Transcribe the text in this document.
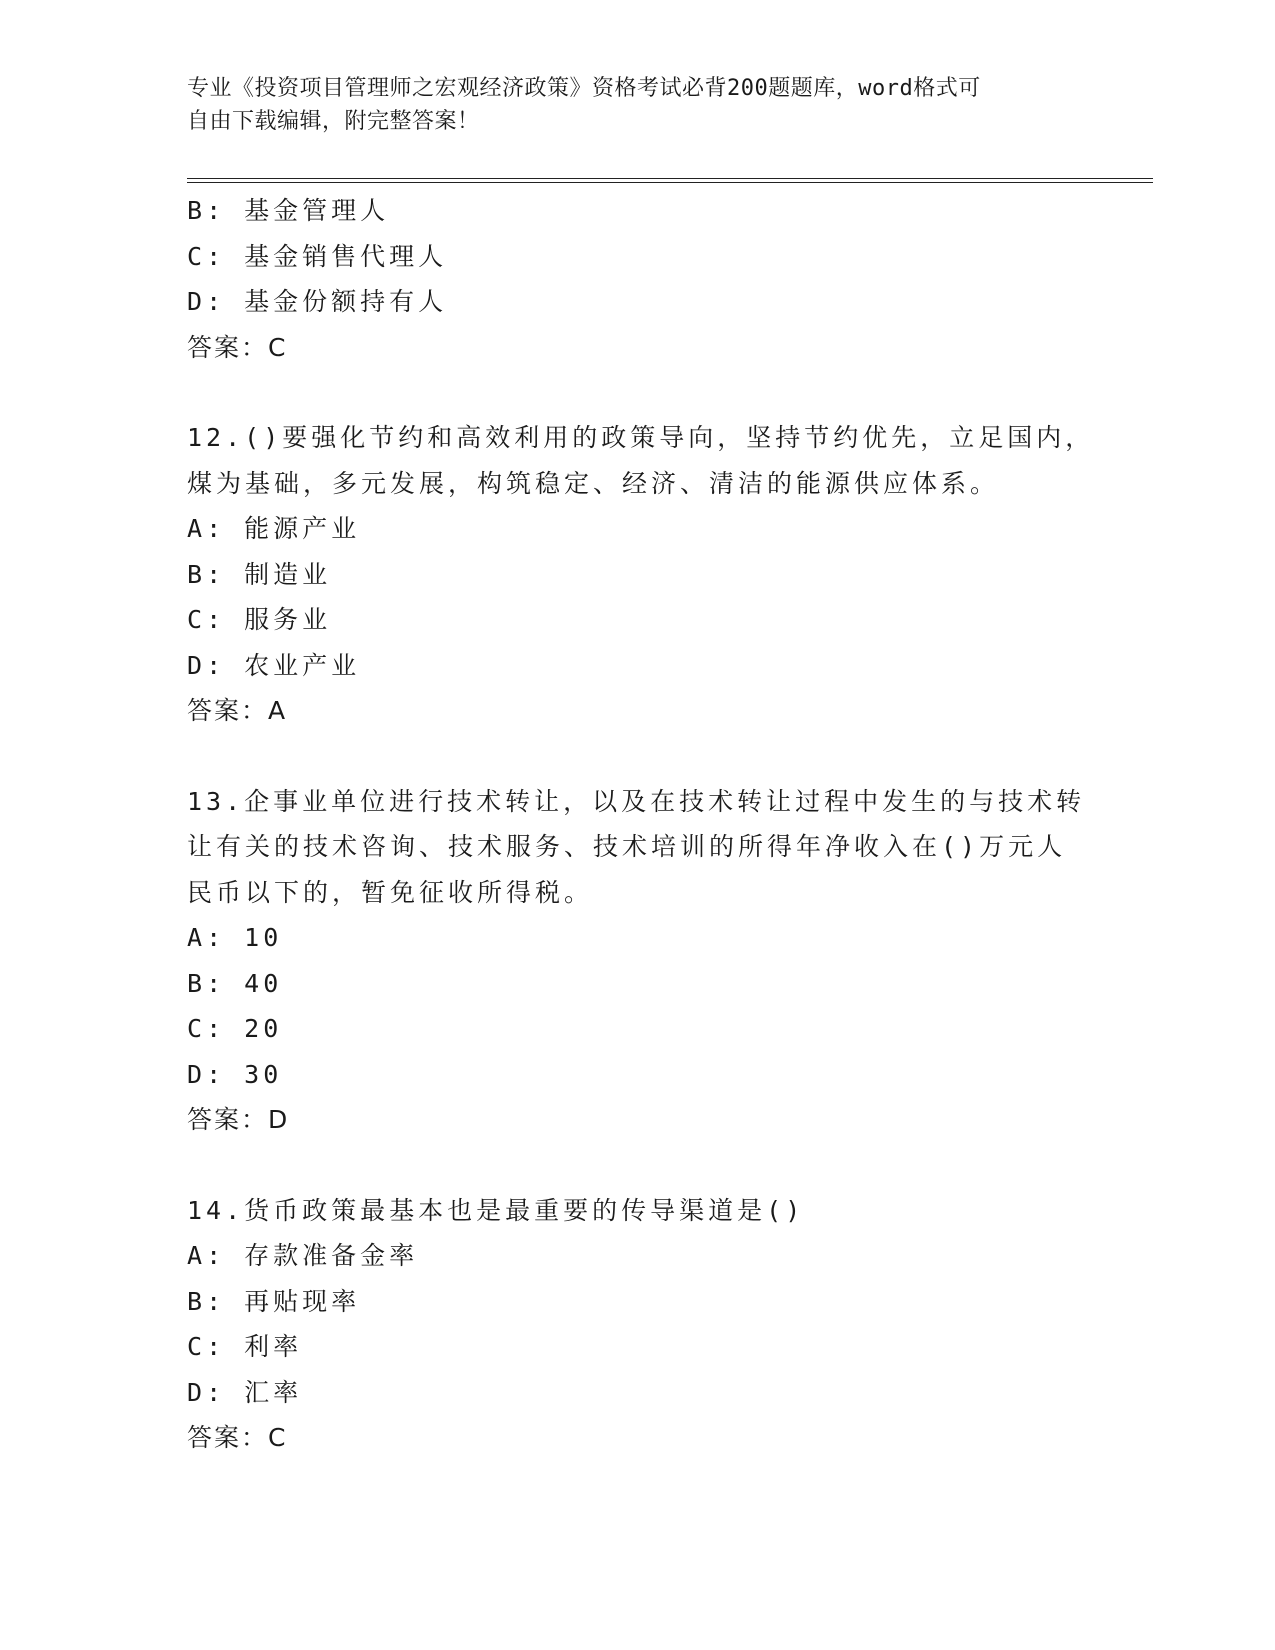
专业《投资项目管理师之宏观经济政策》资格考试必背200题题库，word格式可
自由下载编辑，附完整答案！
B: 基金管理人
C: 基金销售代理人
D: 基金份额持有人
答案：C
12.()要强化节约和高效利用的政策导向，坚持节约优先，立足国内，
煤为基础，多元发展，构筑稳定、经济、清洁的能源供应体系。
A: 能源产业
B: 制造业
C: 服务业
D: 农业产业
答案：A
13.企事业单位进行技术转让，以及在技术转让过程中发生的与技术转
让有关的技术咨询、技术服务、技术培训的所得年净收入在()万元人
民币以下的，暂免征收所得税。
A: 10
B: 40
C: 20
D: 30
答案：D
14.货币政策最基本也是最重要的传导渠道是()
A: 存款准备金率
B: 再贴现率
C: 利率
D: 汇率
答案：C
